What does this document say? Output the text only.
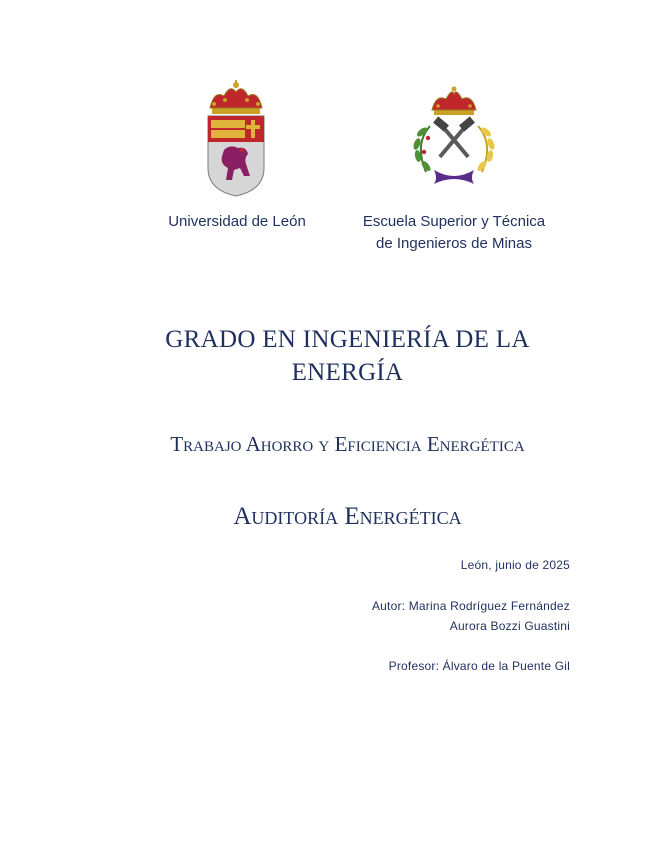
Universidad de León	Escuela Superior y Técnica
de Ingenieros de Minas
GRADO EN INGENIERÍA DE LA
ENERGÍA
Trabajo Ahorro y Eficiencia Energética
Auditoría Energética
León, junio de 2025
Autor: Marina Rodríguez Fernández
Aurora Bozzi Guastini
Profesor: Álvaro de la Puente Gil
